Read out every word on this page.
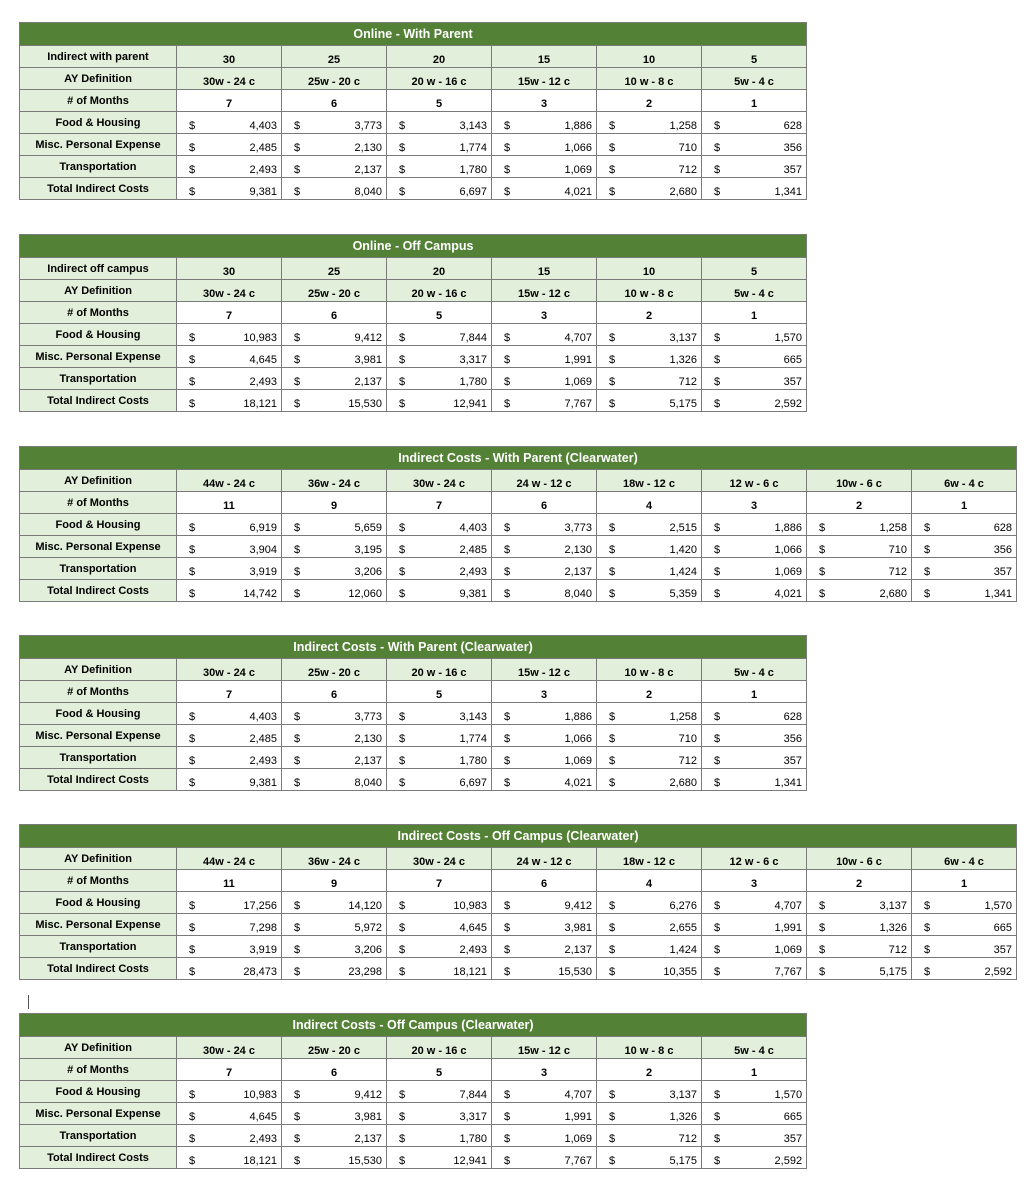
Online - With Parent						
Indirect with parent	30	25	20	15	10	5
AY Definition	30w - 24 c	25w - 20 c	20 w - 16 c	15w - 12 c	10 w - 8 c	5w - 4 c
# of Months	7	6	5	3	2	1
Food & Housing	$ 4,403	$ 3,773	$ 3,143	$ 1,886	$ 1,258	$ 628

Misc. Personal Expense	$ 2,485	$ 2,130	$ 1,774	$ 1,066	$ 710	$ 356

Transportation	$ 2,493	$ 2,137	$ 1,780	$ 1,069	$ 712	$ 357

Total Indirect Costs	$ 9,381	$ 8,040	$ 6,697	$ 4,021	$ 2,680	$ 1,341
Online - Off Campus						
Indirect off campus	30	25	20	15	10	5
AY Definition	30w - 24 c	25w - 20 c	20 w - 16 c	15w - 12 c	10 w - 8 c	5w - 4 c
# of Months	7	6	5	3	2	1
Food & Housing	$ 10,983	$ 9,412	$ 7,844	$ 4,707	$ 3,137	$ 1,570

Misc. Personal Expense	$ 4,645	$ 3,981	$ 3,317	$ 1,991	$ 1,326	$ 665

Transportation	$ 2,493	$ 2,137	$ 1,780	$ 1,069	$ 712	$ 357

Total Indirect Costs	$ 18,121	$ 15,530	$ 12,941	$ 7,767	$ 5,175	$ 2,592
Indirect Costs - With Parent (Clearwater)								
AY Definition	44w - 24 c	36w - 24 c	30w - 24 c	24 w - 12 c	18w - 12 c	12 w - 6 c	10w - 6 c	6w - 4 c
# of Months	11	9	7	6	4	3	2	1
Food & Housing	$ 6,919	$ 5,659	$ 4,403	$ 3,773	$ 2,515	$ 1,886	$ 1,258	$ 628

Misc. Personal Expense	$ 3,904	$ 3,195	$ 2,485	$ 2,130	$ 1,420	$ 1,066	$ 710	$ 356

Transportation	$ 3,919	$ 3,206	$ 2,493	$ 2,137	$ 1,424	$ 1,069	$ 712	$ 357

Total Indirect Costs	$ 14,742	$ 12,060	$ 9,381	$ 8,040	$ 5,359	$ 4,021	$ 2,680	$ 1,341
Indirect Costs - With Parent (Clearwater)						
AY Definition	30w - 24 c	25w - 20 c	20 w - 16 c	15w - 12 c	10 w - 8 c	5w - 4 c
# of Months	7	6	5	3	2	1
Food & Housing	$ 4,403	$ 3,773	$ 3,143	$ 1,886	$ 1,258	$ 628

Misc. Personal Expense	$ 2,485	$ 2,130	$ 1,774	$ 1,066	$ 710	$ 356

Transportation	$ 2,493	$ 2,137	$ 1,780	$ 1,069	$ 712	$ 357

Total Indirect Costs	$ 9,381	$ 8,040	$ 6,697	$ 4,021	$ 2,680	$ 1,341
Indirect Costs - Off Campus (Clearwater)								
AY Definition	44w - 24 c	36w - 24 c	30w - 24 c	24 w - 12 c	18w - 12 c	12 w - 6 c	10w - 6 c	6w - 4 c
# of Months	11	9	7	6	4	3	2	1
Food & Housing	$ 17,256	$ 14,120	$ 10,983	$ 9,412	$ 6,276	$ 4,707	$ 3,137	$ 1,570

Misc. Personal Expense	$ 7,298	$ 5,972	$ 4,645	$ 3,981	$ 2,655	$ 1,991	$ 1,326	$ 665

Transportation	$ 3,919	$ 3,206	$ 2,493	$ 2,137	$ 1,424	$ 1,069	$ 712	$ 357

Total Indirect Costs	$ 28,473	$ 23,298	$ 18,121	$ 15,530	$ 10,355	$ 7,767	$ 5,175	$ 2,592
Indirect Costs - Off Campus (Clearwater)						
AY Definition	30w - 24 c	25w - 20 c	20 w - 16 c	15w - 12 c	10 w - 8 c	5w - 4 c
# of Months	7	6	5	3	2	1
Food & Housing	$ 10,983	$ 9,412	$ 7,844	$ 4,707	$ 3,137	$ 1,570

Misc. Personal Expense	$ 4,645	$ 3,981	$ 3,317	$ 1,991	$ 1,326	$ 665

Transportation	$ 2,493	$ 2,137	$ 1,780	$ 1,069	$ 712	$ 357

Total Indirect Costs	$ 18,121	$ 15,530	$ 12,941	$ 7,767	$ 5,175	$ 2,592
